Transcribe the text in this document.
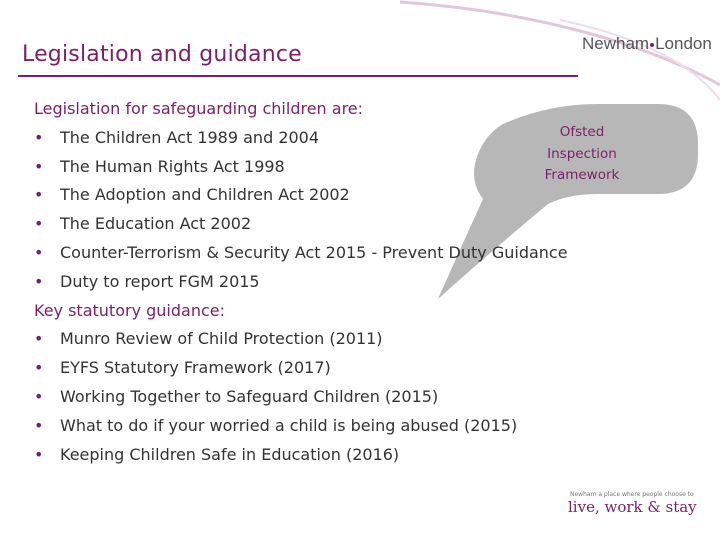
Legislation and guidance	Newham London
Ofsted
Inspection
Framework
Legislation for safeguarding children are:
• The Children Act 1989 and 2004
• The Human Rights Act 1998
• The Adoption and Children Act 2002
• The Education Act 2002
• Counter-Terrorism & Security Act 2015 - Prevent Duty Guidance
• Duty to report FGM 2015
Key statutory guidance:
• Munro Review of Child Protection (2011)
• EYFS Statutory Framework (2017)
• Working Together to Safeguard Children (2015)
• What to do if your worried a child is being abused (2015)
• Keeping Children Safe in Education (2016)
Newham a place where people choose to
live, work & stay
